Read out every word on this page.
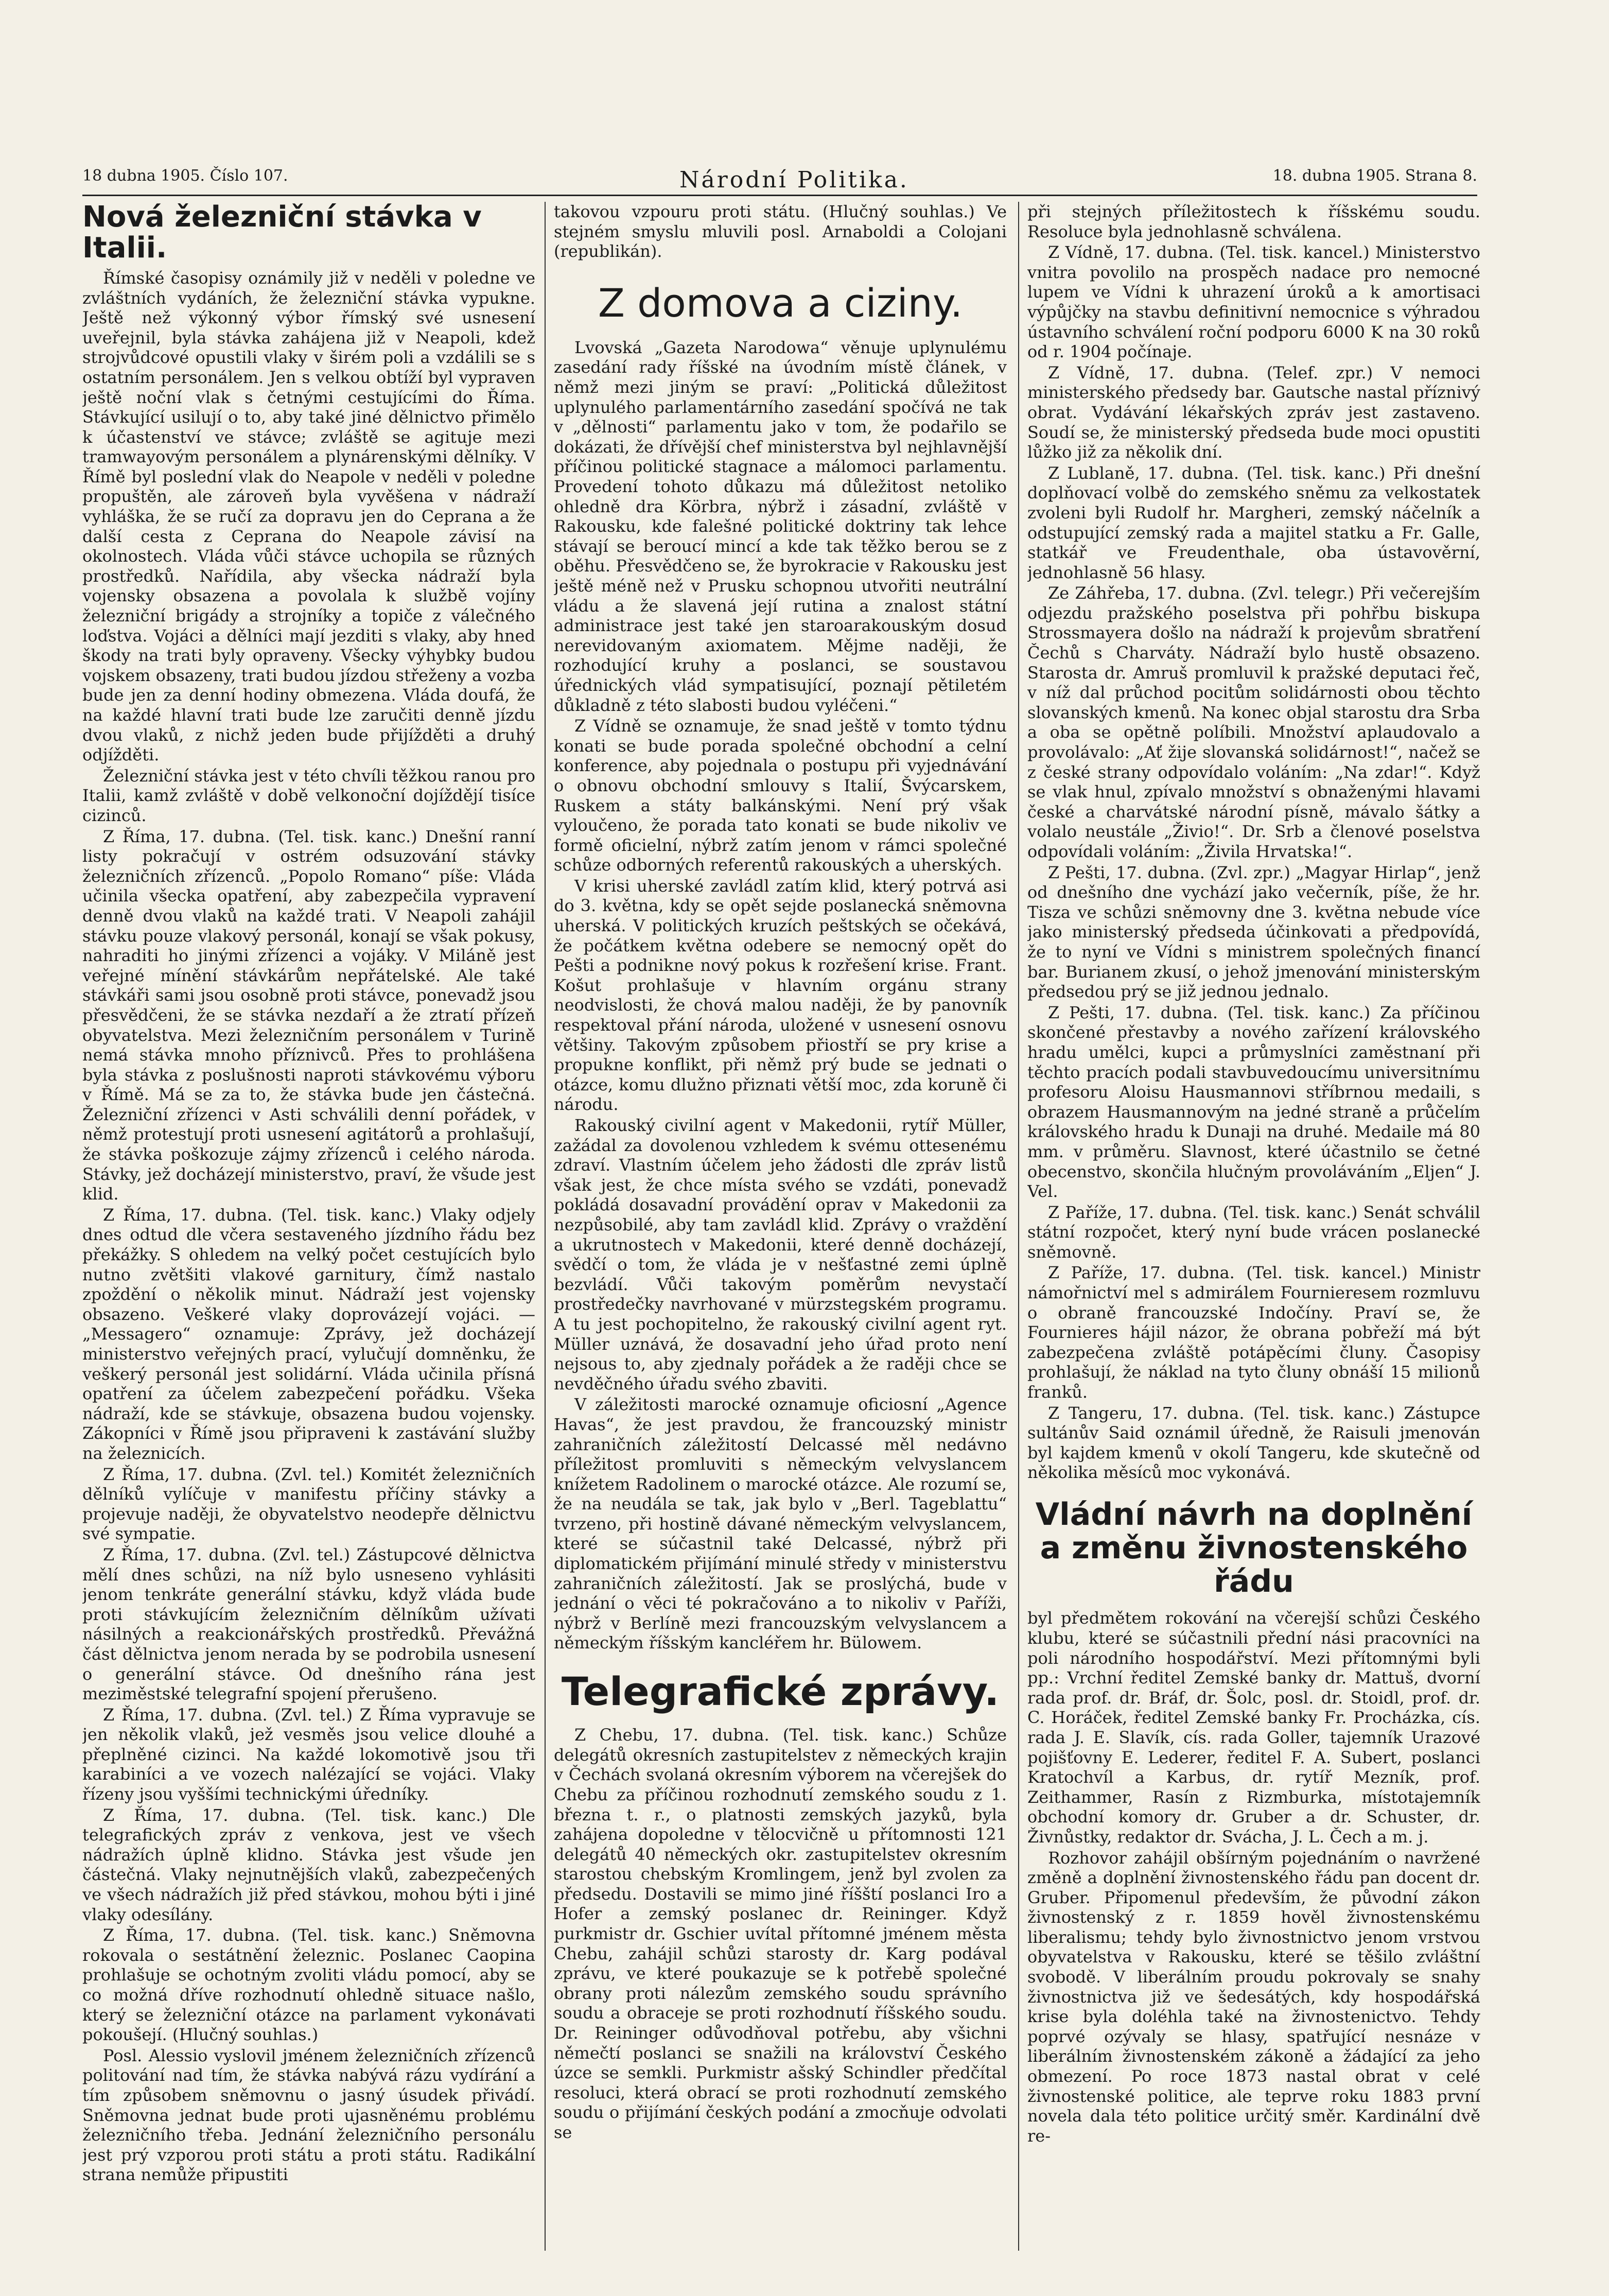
18 dubna 1905. Číslo 107.	Národní Politika.	18. dubna 1905. Strana 8.
Nová železniční stávka v Italii.

Římské časopisy oznámily již v neděli v poledne ve zvláštních vydáních, že železniční stávka vypukne. Ještě než výkonný výbor římský své usnesení uveřejnil, byla stávka zahájena již v Neapoli, kdež strojvůdcové opustili vlaky v širém poli a vzdálili se s ostatním personálem. Jen s velkou obtíží byl vypraven ještě noční vlak s četnými cestujícími do Říma. Stávkující usilují o to, aby také jiné dělnictvo přimělo k účastenství ve stávce; zvláště se agituje mezi tramwayovým personálem a plynárenskými dělníky. V Římě byl poslední vlak do Neapole v neděli v poledne propuštěn, ale zároveň byla vyvěšena v nádraží vyhláška, že se ručí za dopravu jen do Ceprana a že další cesta z Ceprana do Neapole závisí na okolnostech. Vláda vůči stávce uchopila se různých prostředků. Nařídila, aby všecka nádraží byla vojensky obsazena a povolala k službě vojíny železniční brigády a strojníky a topiče z válečného loďstva. Vojáci a dělníci mají jezditi s vlaky, aby hned škody na trati byly opraveny. Všecky výhybky budou vojskem obsazeny, trati budou jízdou střeženy a vozba bude jen za denní hodiny obmezena. Vláda doufá, že na každé hlavní trati bude lze zaručiti denně jízdu dvou vlaků, z nichž jeden bude přijížděti a druhý odjížděti.

Železniční stávka jest v této chvíli těžkou ranou pro Italii, kamž zvláště v době velkonoční dojíždějí tisíce cizinců.

Z Říma, 17. dubna. (Tel. tisk. kanc.) Dnešní ranní listy pokračují v ostrém odsuzování stávky železničních zřízenců. „Popolo Romano“ píše: Vláda učinila všecka opatření, aby zabezpečila vypravení denně dvou vlaků na každé trati. V Neapoli zahájil stávku pouze vlakový personál, konají se však pokusy, nahraditi ho jinými zřízenci a vojáky. V Miláně jest veřejné mínění stávkárům nepřátelské. Ale také stávkáři sami jsou osobně proti stávce, ponevadž jsou přesvědčeni, že se stávka nezdaří a že ztratí přízeň obyvatelstva. Mezi železničním personálem v Turině nemá stávka mnoho příznivců. Přes to prohlášena byla stávka z poslušnosti naproti stávkovému výboru v Římě. Má se za to, že stávka bude jen částečná. Železniční zřízenci v Asti schválili denní pořádek, v němž protestují proti usnesení agitátorů a prohlašují, že stávka poškozuje zájmy zřízenců i celého národa. Stávky, jež docházejí ministerstvo, praví, že všude jest klid.

Z Říma, 17. dubna. (Tel. tisk. kanc.) Vlaky odjely dnes odtud dle včera sestaveného jízdního řádu bez překážky. S ohledem na velký počet cestujících bylo nutno zvětšiti vlakové garnitury, čímž nastalo zpoždění o několik minut. Nádraží jest vojensky obsazeno. Veškeré vlaky doprovázejí vojáci. — „Messagero“ oznamuje: Zprávy, jež docházejí ministerstvo veřejných prací, vylučují domněnku, že veškerý personál jest solidární. Vláda učinila přísná opatření za účelem zabezpečení pořádku. Všeka nádraží, kde se stávkuje, obsazena budou vojensky. Zákopníci v Římě jsou připraveni k zastávání služby na železnicích.

Z Říma, 17. dubna. (Zvl. tel.) Komitét železničních dělníků vylíčuje v manifestu příčiny stávky a projevuje naději, že obyvatelstvo neodepře dělnictvu své sympatie.

Z Říma, 17. dubna. (Zvl. tel.) Zástupcové dělnictva mělí dnes schůzi, na níž bylo usneseno vyhlásiti jenom tenkráte generální stávku, když vláda bude proti stávkujícím železničním dělníkům užívati násilných a reakcionářských prostředků. Převážná část dělnictva jenom nerada by se podrobila usnesení o generální stávce. Od dnešního rána jest meziměstské telegrafní spojení přerušeno.

Z Říma, 17. dubna. (Zvl. tel.) Z Říma vypravuje se jen několik vlaků, jež vesměs jsou velice dlouhé a přeplněné cizinci. Na každé lokomotivě jsou tři karabiníci a ve vozech nalézající se vojáci. Vlaky řízeny jsou vyššími technickými úředníky.

Z Říma, 17. dubna. (Tel. tisk. kanc.) Dle telegrafických zpráv z venkova, jest ve všech nádražích úplně klidno. Stávka jest všude jen částečná. Vlaky nejnutnějších vlaků, zabezpečených ve všech nádražích již před stávkou, mohou býti i jiné vlaky odesílány.

Z Říma, 17. dubna. (Tel. tisk. kanc.) Sněmovna rokovala o sestátnění železnic. Poslanec Caopina prohlašuje se ochotným zvoliti vládu pomocí, aby se co možná dříve rozhodnutí ohledně situace našlo, který se železniční otázce na parlament vykonávati pokoušejí. (Hlučný souhlas.)

Posl. Alessio vyslovil jménem železničních zřízenců politování nad tím, že stávka nabývá rázu vydírání a tím způsobem sněmovnu o jasný úsudek přivádí. Sněmovna jednat bude proti ujasněnému problému železničního třeba. Jednání železničního personálu jest prý vzporou proti státu a proti státu. Radikální strana nemůže připustiti

takovou vzpouru proti státu. (Hlučný souhlas.) Ve stejném smyslu mluvili posl. Arnaboldi a Colojani (republikán).

Z domova a ciziny.

Lvovská „Gazeta Narodowa“ věnuje uplynulému zasedání rady říšské na úvodním místě článek, v němž mezi jiným se praví: „Politická důležitost uplynulého parlamentárního zasedání spočívá ne tak v „dělnosti“ parlamentu jako v tom, že podařilo se dokázati, že dřívější chef ministerstva byl nejhlavnější příčinou politické stagnace a málomoci parlamentu. Provedení tohoto důkazu má důležitost netoliko ohledně dra Körbra, nýbrž i zásadní, zvláště v Rakousku, kde falešné politické doktriny tak lehce stávají se beroucí mincí a kde tak těžko berou se z oběhu. Přesvědčeno se, že byrokracie v Rakousku jest ještě méně než v Prusku schopnou utvořiti neutrální vládu a že slavená její rutina a znalost státní administrace jest také jen staroarakouským dosud nerevidovaným axiomatem. Mějme naději, že rozhodující kruhy a poslanci, se soustavou úřednických vlád sympatisující, poznají pětiletém důkladně z této slabosti budou vyléčeni.“

Z Vídně se oznamuje, že snad ještě v tomto týdnu konati se bude porada společné obchodní a celní konference, aby pojednala o postupu při vyjednávání o obnovu obchodní smlouvy s Italií, Švýcarskem, Ruskem a státy balkánskými. Není prý však vyloučeno, že porada tato konati se bude nikoliv ve formě oficielní, nýbrž zatím jenom v rámci společné schůze odborných referentů rakouských a uherských.

V krisi uherské zavládl zatím klid, který potrvá asi do 3. května, kdy se opět sejde poslanecká sněmovna uherská. V politických kruzích peštských se očekává, že počátkem května odebere se nemocný opět do Pešti a podnikne nový pokus k rozřešení krise. Frant. Košut prohlašuje v hlavním orgánu strany neodvislosti, že chová malou naději, že by panovník respektoval přání národa, uložené v usnesení osnovu většiny. Takovým způsobem přiostří se pry krise a propukne konflikt, při němž prý bude se jednati o otázce, komu dlužno přiznati větší moc, zda koruně či národu.

Rakouský civilní agent v Makedonii, rytíř Müller, zažádal za dovolenou vzhledem k svému ottesenému zdraví. Vlastním účelem jeho žádosti dle zpráv listů však jest, že chce místa svého se vzdáti, ponevadž pokládá dosavadní provádění oprav v Makedonii za nezpůsobilé, aby tam zavládl klid. Zprávy o vraždění a ukrutnostech v Makedonii, které denně docházejí, svědčí o tom, že vláda je v nešťastné zemi úplně bezvládí. Vůči takovým poměrům nevystačí prostředečky navrhované v mürzstegském programu. A tu jest pochopitelno, že rakouský civilní agent ryt. Müller uznává, že dosavadní jeho úřad proto není nejsous to, aby zjednaly pořádek a že raději chce se nevděčného úřadu svého zbaviti.

V záležitosti marocké oznamuje oficiosní „Agence Havas“, že jest pravdou, že francouzský ministr zahraničních záležitostí Delcassé měl nedávno příležitost promluviti s německým velvyslancem knížetem Radolinem o marocké otázce. Ale rozumí se, že na neudála se tak, jak bylo v „Berl. Tageblattu“ tvrzeno, při hostině dávané německým velvyslancem, které se súčastnil také Delcassé, nýbrž při diplomatickém přijímání minulé středy v ministerstvu zahraničních záležitostí. Jak se proslýchá, bude v jednání o věci té pokračováno a to nikoliv v Paříži, nýbrž v Berlíně mezi francouzským velvyslancem a německým říšským kancléřem hr. Bülowem.

Telegrafické zprávy.

Z Chebu, 17. dubna. (Tel. tisk. kanc.) Schůze delegátů okresních zastupitelstev z německých krajin v Čechách svolaná okresním výborem na včerejšek do Chebu za příčinou rozhodnutí zemského soudu z 1. března t. r., o platnosti zemských jazyků, byla zahájena dopoledne v tělocvičně u přítomnosti 121 delegátů 40 německých okr. zastupitelstev okresním starostou chebským Kromlingem, jenž byl zvolen za předsedu. Dostavili se mimo jiné říšští poslanci Iro a Hofer a zemský poslanec dr. Reininger. Když purkmistr dr. Gschier uvítal přítomné jménem města Chebu, zahájil schůzi starosty dr. Karg podával zprávu, ve které poukazuje se k potřebě společné obrany proti nálezům zemského soudu správního soudu a obraceje se proti rozhodnutí říšského soudu. Dr. Reininger odůvodňoval potřebu, aby všichni němečtí poslanci se snažili na království Českého úzce se semkli. Purkmistr ašský Schindler předčítal resoluci, která obrací se proti rozhodnutí zemského soudu o přijímání českých podání a zmocňuje odvolati se

při stejných příležitostech k říšskému soudu. Resoluce byla jednohlasně schválena.

Z Vídně, 17. dubna. (Tel. tisk. kancel.) Ministerstvo vnitra povolilo na prospěch nadace pro nemocné lupem ve Vídni k uhrazení úroků a k amortisaci výpůjčky na stavbu definitivní nemocnice s výhradou ústavního schválení roční podporu 6000 K na 30 roků od r. 1904 počínaje.

Z Vídně, 17. dubna. (Telef. zpr.) V nemoci ministerského předsedy bar. Gautsche nastal příznivý obrat. Vydávání lékařských zpráv jest zastaveno. Soudí se, že ministerský předseda bude moci opustiti lůžko již za několik dní.

Z Lublaně, 17. dubna. (Tel. tisk. kanc.) Při dnešní doplňovací volbě do zemského sněmu za velkostatek zvoleni byli Rudolf hr. Margheri, zemský náčelník a odstupující zemský rada a majitel statku a Fr. Galle, statkář ve Freudenthale, oba ústavověrní, jednohlasně 56 hlasy.

Ze Záhřeba, 17. dubna. (Zvl. telegr.) Při večerejším odjezdu pražského poselstva při pohřbu biskupa Strossmayera došlo na nádraží k projevům sbratření Čechů s Charváty. Nádraží bylo hustě obsazeno. Starosta dr. Amruš promluvil k pražské deputaci řeč, v níž dal průchod pocitům solidárnosti obou těchto slovanských kmenů. Na konec objal starostu dra Srba a oba se opětně políbili. Množství aplaudovalo a provolávalo: „Ať žije slovanská solidárnost!“, načež se z české strany odpovídalo voláním: „Na zdar!“. Když se vlak hnul, zpívalo množství s obnaženými hlavami české a charvátské národní písně, mávalo šátky a volalo neustále „Živio!“. Dr. Srb a členové poselstva odpovídali voláním: „Živila Hrvatska!“.

Z Pešti, 17. dubna. (Zvl. zpr.) „Magyar Hirlap“, jenž od dnešního dne vychází jako večerník, píše, že hr. Tisza ve schůzi sněmovny dne 3. května nebude více jako ministerský předseda účinkovati a předpovídá, že to nyní ve Vídni s ministrem společných financí bar. Burianem zkusí, o jehož jmenování ministerským předsedou prý se již jednou jednalo.

Z Pešti, 17. dubna. (Tel. tisk. kanc.) Za příčinou skončené přestavby a nového zařízení královského hradu umělci, kupci a průmyslníci zaměstnaní při těchto pracích podali stavbuvedoucímu universitnímu profesoru Aloisu Hausmannovi stříbrnou medaili, s obrazem Hausmannovým na jedné straně a průčelím královského hradu k Dunaji na druhé. Medaile má 80 mm. v průměru. Slavnost, které účastnilo se četné obecenstvo, skončila hlučným provoláváním „Eljen“ J. Vel.

Z Paříže, 17. dubna. (Tel. tisk. kanc.) Senát schválil státní rozpočet, který nyní bude vrácen poslanecké sněmovně.

Z Paříže, 17. dubna. (Tel. tisk. kancel.) Ministr námořnictví mel s admirálem Fournieresem rozmluvu o obraně francouzské Indočíny. Praví se, že Fournieres hájil názor, že obrana pobřeží má být zabezpečena zvláště potápěcími čluny. Časopisy prohlašují, že náklad na tyto čluny obnáší 15 milionů franků.

Z Tangeru, 17. dubna. (Tel. tisk. kanc.) Zástupce sultánův Said oznámil úředně, že Raisuli jmenován byl kajdem kmenů v okolí Tangeru, kde skutečně od několika měsíců moc vykonává.

Vládní návrh na doplnění a změnu živnostenského řádu

byl předmětem rokování na včerejší schůzi Českého klubu, které se súčastnili přední nási pracovníci na poli národního hospodářství. Mezi přítomnými byli pp.: Vrchní ředitel Zemské banky dr. Mattuš, dvorní rada prof. dr. Bráf, dr. Šolc, posl. dr. Stoidl, prof. dr. C. Horáček, ředitel Zemské banky Fr. Procházka, cís. rada J. E. Slavík, cís. rada Goller, tajemník Urazové pojišťovny E. Lederer, ředitel F. A. Subert, poslanci Kratochvíl a Karbus, dr. rytíř Mezník, prof. Zeithammer, Rasín z Rizmburka, místotajemník obchodní komory dr. Gruber a dr. Schuster, dr. Živnůstky, redaktor dr. Svácha, J. L. Čech a m. j.

Rozhovor zahájil obšírným pojednáním o navržené změně a doplnění živnostenského řádu pan docent dr. Gruber. Připomenul především, že původní zákon živnostenský z r. 1859 hověl živnostenskému liberalismu; tehdy bylo živnostnictvo jenom vrstvou obyvatelstva v Rakousku, které se těšilo zvláštní svobodě. V liberálním proudu pokrovaly se snahy živnostnictva již ve šedesátých, kdy hospodářská krise byla doléhla také na živnostenictvo. Tehdy poprvé ozývaly se hlasy, spatřující nesnáze v liberálním živnostenském zákoně a žádající za jeho obmezení. Po roce 1873 nastal obrat v celé živnostenské politice, ale teprve roku 1883 první novela dala této politice určitý směr. Kardinální dvě re-
